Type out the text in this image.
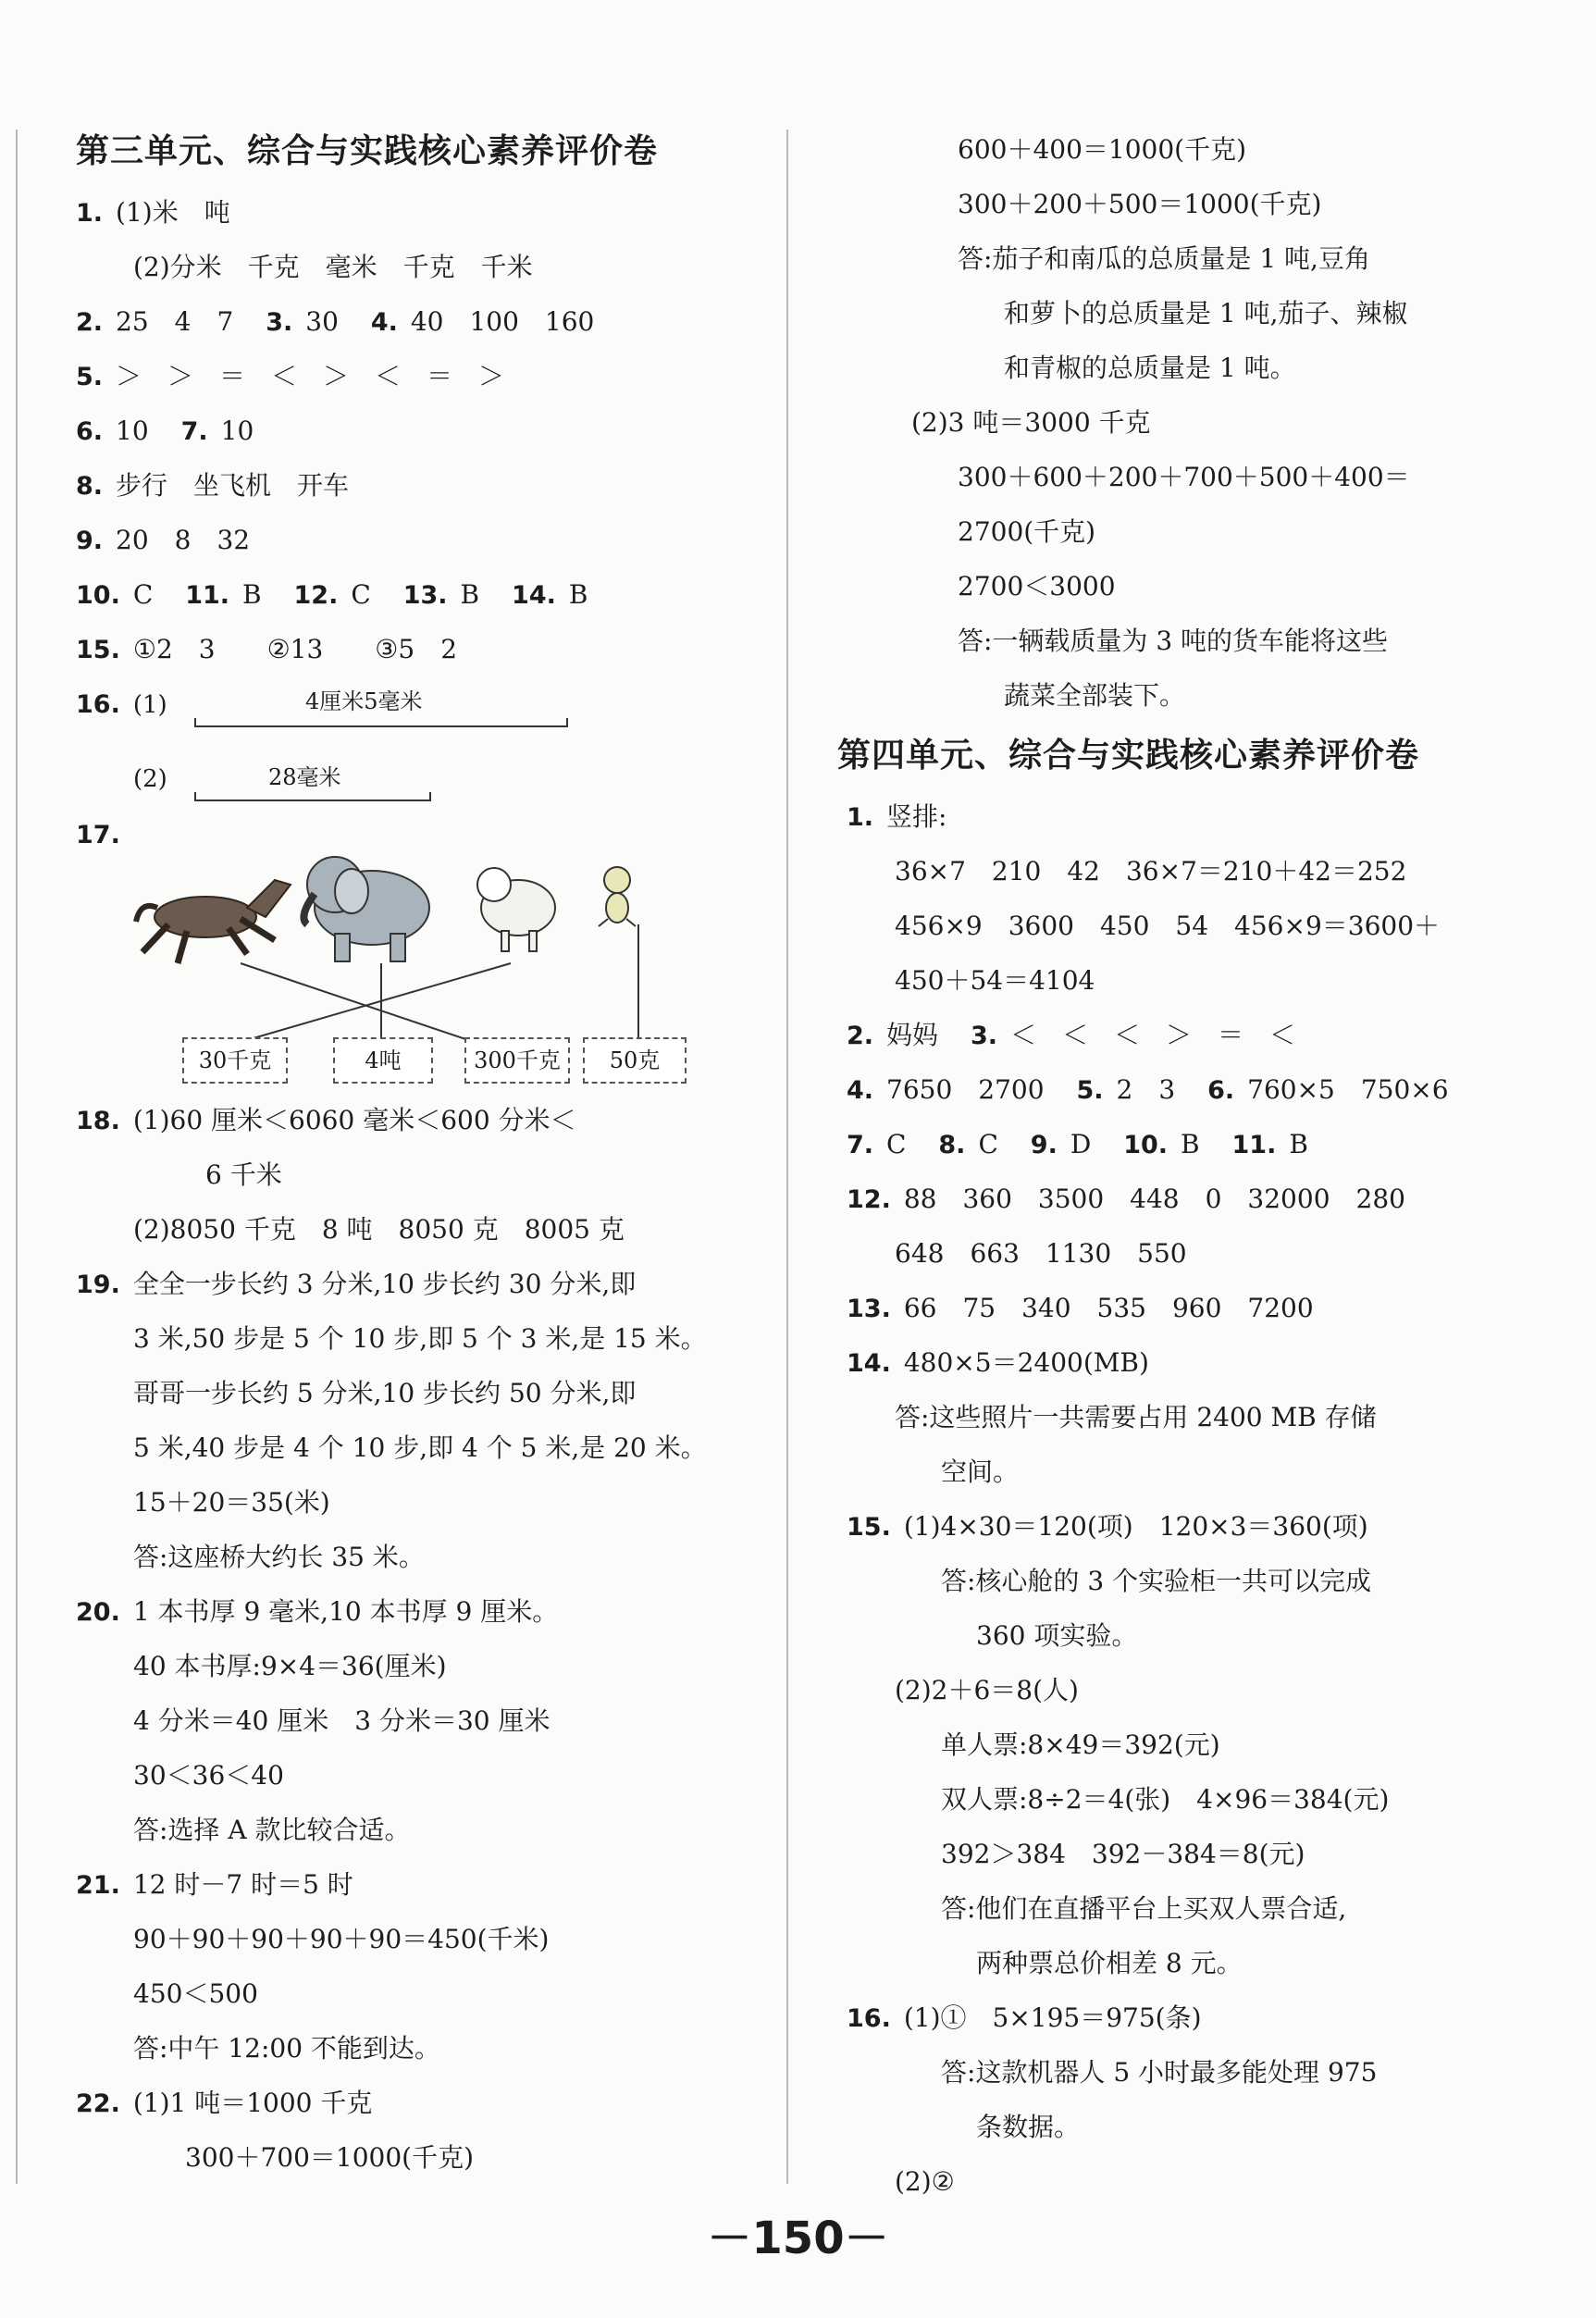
第三单元、综合与实践核心素养评价卷
1. (1)米　吨
(2)分米　千克　毫米　千克　千米
2. 25　4　7 3. 30 4. 40　100　160
5. ＞　＞　＝　＜　＞　＜　＝　＞
6. 10 7. 10
8. 步行　坐飞机　开车
9. 20　8　32
10. C 11. B 12. C 13. B 14. B
15. ①2　3　　②13　　③5　2
16. (1)	4厘米5毫米
(2)	28毫米
17.
30千克	4吨	300千克	50克
18. (1)60 厘米＜6060 毫米＜600 分米＜
6 千米
(2)8050 千克　8 吨　8050 克　8005 克
19. 全全一步长约 3 分米,10 步长约 30 分米,即
3 米,50 步是 5 个 10 步,即 5 个 3 米,是 15 米。
哥哥一步长约 5 分米,10 步长约 50 分米,即
5 米,40 步是 4 个 10 步,即 4 个 5 米,是 20 米。
15＋20＝35(米)
答:这座桥大约长 35 米。
20. 1 本书厚 9 毫米,10 本书厚 9 厘米。
40 本书厚:9×4＝36(厘米)
4 分米＝40 厘米　3 分米＝30 厘米
30＜36＜40
答:选择 A 款比较合适。
21. 12 时－7 时＝5 时
90＋90＋90＋90＋90＝450(千米)
450＜500
答:中午 12:00 不能到达。
22. (1)1 吨＝1000 千克
300＋700＝1000(千克)
600＋400＝1000(千克)
300＋200＋500＝1000(千克)
答:茄子和南瓜的总质量是 1 吨,豆角
和萝卜的总质量是 1 吨,茄子、辣椒
和青椒的总质量是 1 吨。
(2)3 吨＝3000 千克
300＋600＋200＋700＋500＋400＝
2700(千克)
2700＜3000
答:一辆载质量为 3 吨的货车能将这些
蔬菜全部装下。
第四单元、综合与实践核心素养评价卷
1. 竖排:
36×7　210　42　36×7＝210＋42＝252
456×9　3600　450　54　456×9＝3600＋
450＋54＝4104
2. 妈妈 3. ＜　＜　＜　＞　＝　＜
4. 7650　2700 5. 2　3 6. 760×5　750×6
7. C 8. C 9. D 10. B 11. B
12. 88　360　3500　448　0　32000　280
648　663　1130　550
13. 66　75　340　535　960　7200
14. 480×5＝2400(MB)
答:这些照片一共需要占用 2400 MB 存储
空间。
15. (1)4×30＝120(项)　120×3＝360(项)
答:核心舱的 3 个实验柜一共可以完成
360 项实验。
(2)2＋6＝8(人)
单人票:8×49＝392(元)
双人票:8÷2＝4(张)　4×96＝384(元)
392＞384　392－384＝8(元)
答:他们在直播平台上买双人票合适,
两种票总价相差 8 元。
16. (1)①　5×195＝975(条)
答:这款机器人 5 小时最多能处理 975
条数据。
(2)②
－150－
